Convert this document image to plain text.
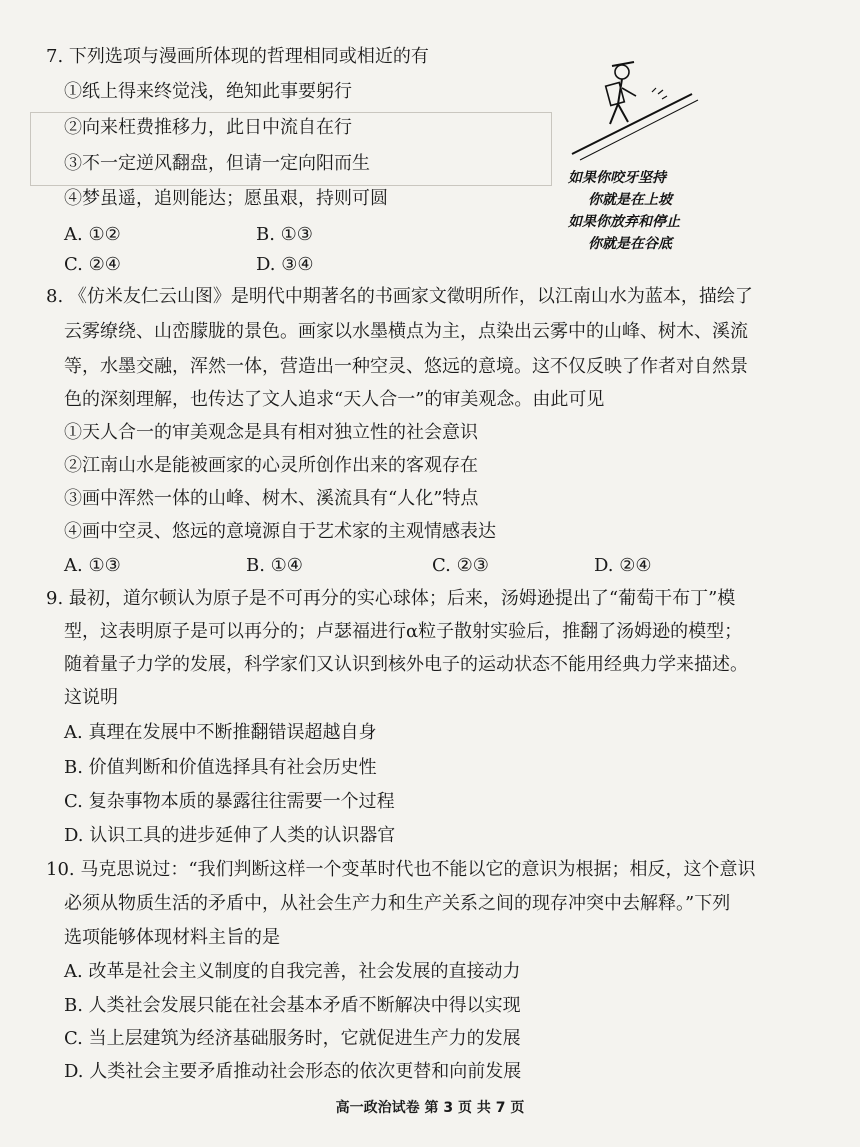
7. 下列选项与漫画所体现的哲理相同或相近的有
①纸上得来终觉浅，绝知此事要躬行
②向来枉费推移力，此日中流自在行
③不一定逆风翻盘，但请一定向阳而生
④梦虽遥，追则能达；愿虽艰，持则可圆
A. ①②	B. ①③
C. ②④	D. ③④
如果你咬牙坚持
你就是在上坡
如果你放弃和停止
你就是在谷底
8. 《仿米友仁云山图》是明代中期著名的书画家文徵明所作，以江南山水为蓝本，描绘了
云雾缭绕、山峦朦胧的景色。画家以水墨横点为主，点染出云雾中的山峰、树木、溪流
等，水墨交融，浑然一体，营造出一种空灵、悠远的意境。这不仅反映了作者对自然景
色的深刻理解，也传达了文人追求“天人合一”的审美观念。由此可见
①天人合一的审美观念是具有相对独立性的社会意识
②江南山水是能被画家的心灵所创作出来的客观存在
③画中浑然一体的山峰、树木、溪流具有“人化”特点
④画中空灵、悠远的意境源自于艺术家的主观情感表达
A. ①③	B. ①④	C. ②③	D. ②④
9. 最初，道尔顿认为原子是不可再分的实心球体；后来，汤姆逊提出了“葡萄干布丁”模
型，这表明原子是可以再分的；卢瑟福进行α粒子散射实验后，推翻了汤姆逊的模型；
随着量子力学的发展，科学家们又认识到核外电子的运动状态不能用经典力学来描述。
这说明
A. 真理在发展中不断推翻错误超越自身
B. 价值判断和价值选择具有社会历史性
C. 复杂事物本质的暴露往往需要一个过程
D. 认识工具的进步延伸了人类的认识器官
10. 马克思说过：“我们判断这样一个变革时代也不能以它的意识为根据；相反，这个意识
必须从物质生活的矛盾中，从社会生产力和生产关系之间的现存冲突中去解释。”下列
选项能够体现材料主旨的是
A. 改革是社会主义制度的自我完善，社会发展的直接动力
B. 人类社会发展只能在社会基本矛盾不断解决中得以实现
C. 当上层建筑为经济基础服务时，它就促进生产力的发展
D. 人类社会主要矛盾推动社会形态的依次更替和向前发展
高一政治试卷 第 3 页 共 7 页
